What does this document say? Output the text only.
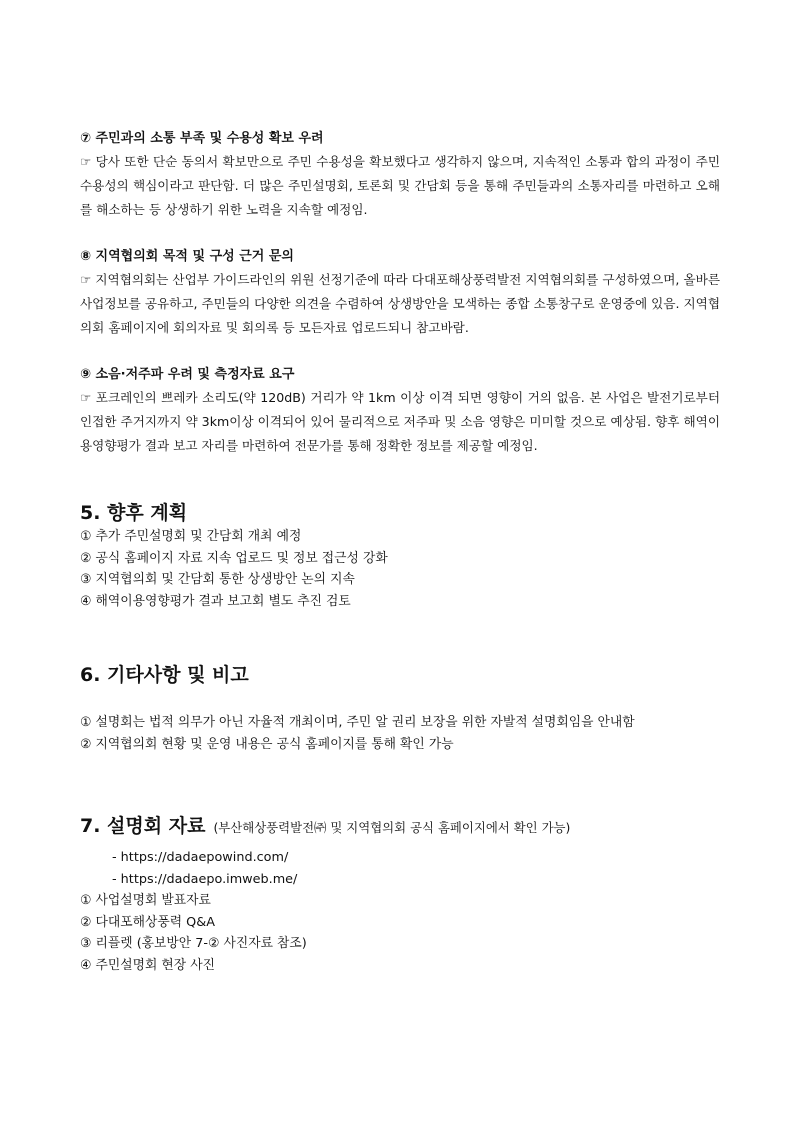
⑦ 주민과의 소통 부족 및 수용성 확보 우려

☞ 당사 또한 단순 동의서 확보만으로 주민 수용성을 확보했다고 생각하지 않으며, 지속적인 소통과 합의 과정이 주민수용성의 핵심이라고 판단함. 더 많은 주민설명회, 토론회 및 간담회 등을 통해 주민들과의 소통자리를 마련하고 오해를 해소하는 등 상생하기 위한 노력을 지속할 예정임.

⑧ 지역협의회 목적 및 구성 근거 문의

☞ 지역협의회는 산업부 가이드라인의 위원 선정기준에 따라 다대포해상풍력발전 지역협의회를 구성하였으며, 올바른 사업정보를 공유하고, 주민들의 다양한 의견을 수렴하여 상생방안을 모색하는 종합 소통창구로 운영중에 있음. 지역협의회 홈페이지에 회의자료 및 회의록 등 모든자료 업로드되니 참고바람.

⑨ 소음·저주파 우려 및 측정자료 요구

☞ 포크레인의 쁘레카 소리도(약 120dB) 거리가 약 1km 이상 이격 되면 영향이 거의 없음. 본 사업은 발전기로부터 인접한 주거지까지 약 3km이상 이격되어 있어 물리적으로 저주파 및 소음 영향은 미미할 것으로 예상됨. 향후 해역이용영향평가 결과 보고 자리를 마련하여 전문가를 통해 정확한 정보를 제공할 예정임.

5. 향후 계획
① 추가 주민설명회 및 간담회 개최 예정
② 공식 홈페이지 자료 지속 업로드 및 정보 접근성 강화
③ 지역협의회 및 간담회 통한 상생방안 논의 지속
④ 해역이용영향평가 결과 보고회 별도 추진 검토
6. 기타사항 및 비고
① 설명회는 법적 의무가 아닌 자율적 개최이며, 주민 알 권리 보장을 위한 자발적 설명회임을 안내함
② 지역협의회 현황 및 운영 내용은 공식 홈페이지를 통해 확인 가능
7. 설명회 자료 (부산해상풍력발전㈜ 및 지역협의회 공식 홈페이지에서 확인 가능)
- https://dadaepowind.com/
- https://dadaepo.imweb.me/
① 사업설명회 발표자료
② 다대포해상풍력 Q&A
③ 리플렛 (홍보방안 7-② 사진자료 참조)
④ 주민설명회 현장 사진
